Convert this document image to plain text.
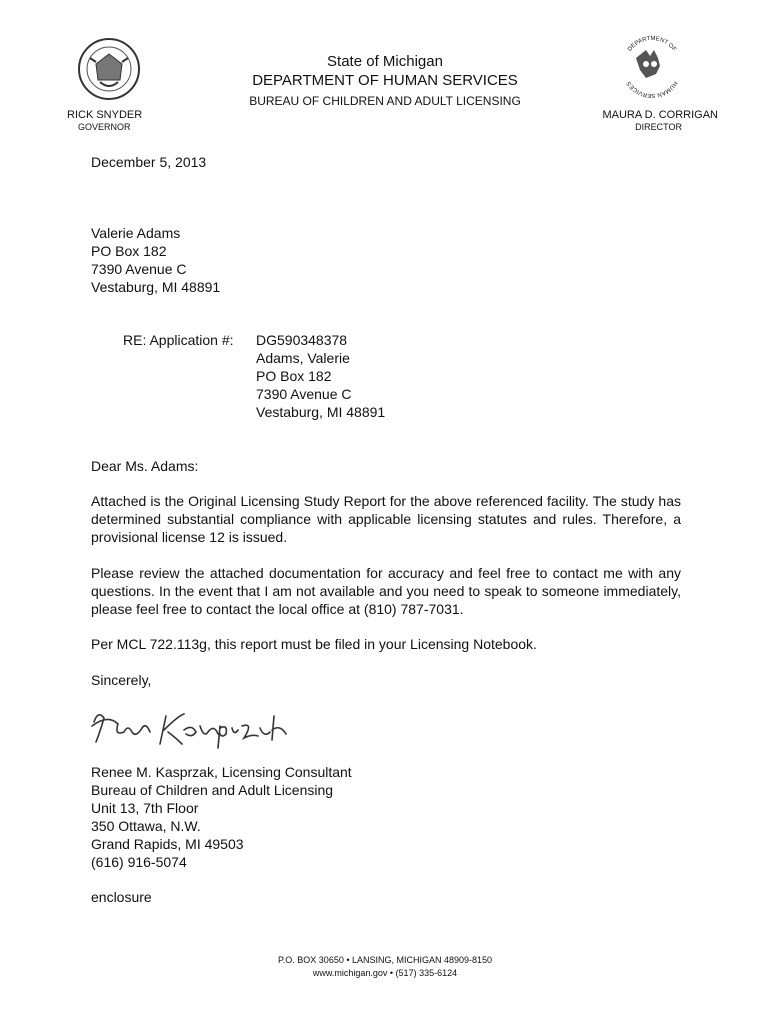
State of Michigan
DEPARTMENT OF HUMAN SERVICES
BUREAU OF CHILDREN AND ADULT LICENSING
RICK SNYDER
GOVERNOR
DEPARTMENT OF
HUMAN SERVICES
MAURA D. CORRIGAN
DIRECTOR
December 5, 2013
Valerie Adams
PO Box 182
7390 Avenue C
Vestaburg, MI 48891
RE: Application #: DG590348378
Adams, Valerie
PO Box 182
7390 Avenue C
Vestaburg, MI 48891
Dear Ms. Adams:
Attached is the Original Licensing Study Report for the above referenced facility. The study has determined substantial compliance with applicable licensing statutes and rules. Therefore, a provisional license 12 is issued.
Please review the attached documentation for accuracy and feel free to contact me with any questions. In the event that I am not available and you need to speak to someone immediately, please feel free to contact the local office at (810) 787-7031.
Per MCL 722.113g, this report must be filed in your Licensing Notebook.
Sincerely,
Renee M. Kasprzak, Licensing Consultant
Bureau of Children and Adult Licensing
Unit 13, 7th Floor
350 Ottawa, N.W.
Grand Rapids, MI 49503
(616) 916-5074
enclosure
P.O. BOX 30650 • LANSING, MICHIGAN 48909-8150
www.michigan.gov • (517) 335-6124
